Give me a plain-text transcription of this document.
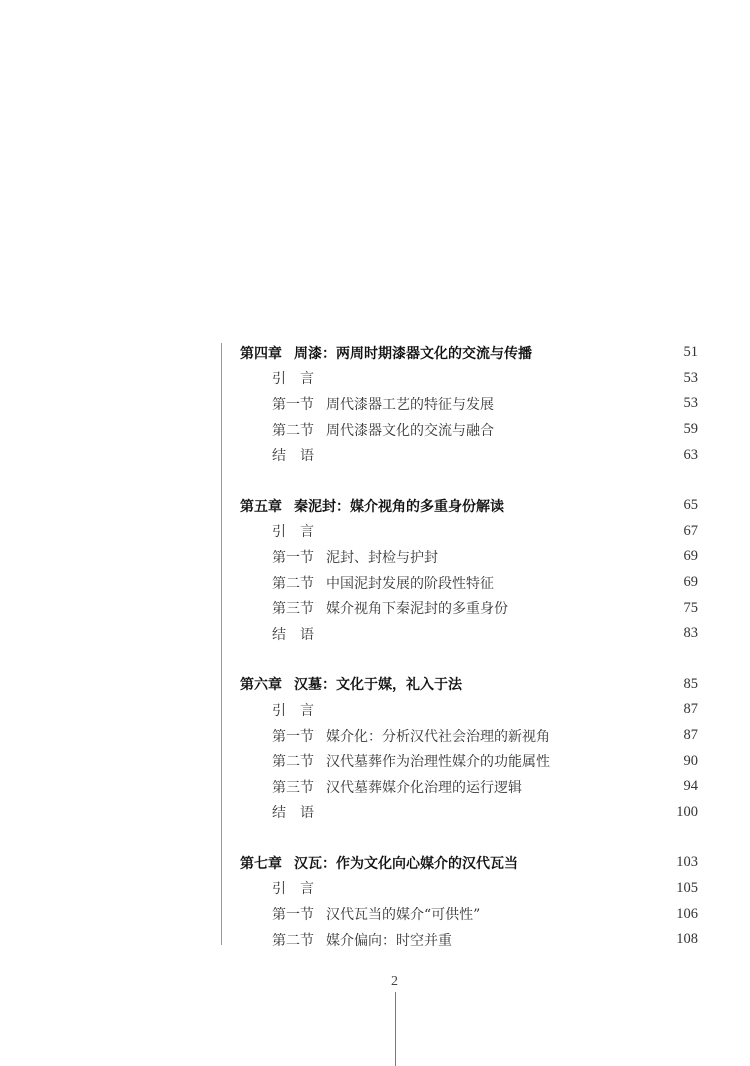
第四章 周漆：两周时期漆器文化的交流与传播	51
引　言	53
第一节 周代漆器工艺的特征与发展	53
第二节 周代漆器文化的交流与融合	59
结　语	63
第五章 秦泥封：媒介视角的多重身份解读	65
引　言	67
第一节 泥封、封检与护封	69
第二节 中国泥封发展的阶段性特征	69
第三节 媒介视角下秦泥封的多重身份	75
结　语	83
第六章 汉墓：文化于媒，礼入于法	85
引　言	87
第一节 媒介化：分析汉代社会治理的新视角	87
第二节 汉代墓葬作为治理性媒介的功能属性	90
第三节 汉代墓葬媒介化治理的运行逻辑	94
结　语	100
第七章 汉瓦：作为文化向心媒介的汉代瓦当	103
引　言	105
第一节 汉代瓦当的媒介“可供性”	106
第二节 媒介偏向：时空并重	108
2
